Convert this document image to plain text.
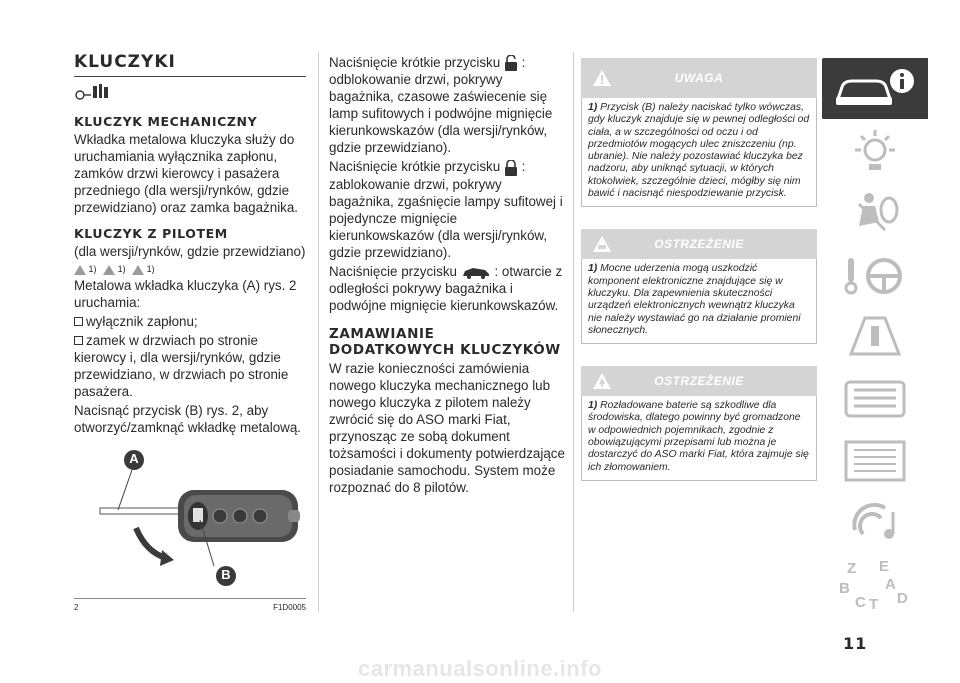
KLUCZYKI
KLUCZYK MECHANICZNY
Wkładka metalowa kluczyka służy do uruchamiania wyłącznika zapłonu, zamków drzwi kierowcy i pasażera przedniego (dla wersji/rynków, gdzie przewidziano) oraz zamka bagażnika.
KLUCZYK Z PILOTEM
(dla wersji/rynków, gdzie przewidziano)
1) 1) 1)
Metalowa wkładka kluczyka (A) rys. 2 uruchamia:
wyłącznik zapłonu;
zamek w drzwiach po stronie kierowcy i, dla wersji/rynków, gdzie przewidziano, w drzwiach po stronie pasażera.
Nacisnąć przycisk (B) rys. 2, aby otworzyć/zamknąć wkładkę metalową.
A
B
2	F1D0005
Naciśnięcie krótkie przycisku : odblokowanie drzwi, pokrywy bagażnika, czasowe zaświecenie się lamp sufitowych i podwójne mignięcie kierunkowskazów (dla wersji/rynków, gdzie przewidziano).
Naciśnięcie krótkie przycisku : zablokowanie drzwi, pokrywy bagażnika, zgaśnięcie lampy sufitowej i pojedyncze mignięcie kierunkowskazów (dla wersji/rynków, gdzie przewidziano).
Naciśnięcie przycisku	: otwarcie z odległości pokrywy bagażnika i podwójne mignięcie kierunkowskazów.
ZAMAWIANIE DODATKOWYCH KLUCZYKÓW
W razie konieczności zamówienia nowego kluczyka mechanicznego lub nowego kluczyka z pilotem należy zwrócić się do ASO marki Fiat, przynosząc ze sobą dokument tożsamości i dokumenty potwierdzające posiadanie samochodu. System może rozpoznać do 8 pilotów.
UWAGA
1) Przycisk (B) należy naciskać tylko wówczas, gdy kluczyk znajduje się w pewnej odległości od ciała, a w szczególności od oczu i od przedmiotów mogących ulec zniszczeniu (np. ubranie). Nie należy pozostawiać kluczyka bez nadzoru, aby uniknąć sytuacji, w których ktokolwiek, szczególnie dzieci, mógłby się nim bawić i nacisnąć niespodziewanie przycisk.
OSTRZEŻENIE
1) Mocne uderzenia mogą uszkodzić komponent elektroniczne znajdujące się w kluczyku. Dla zapewnienia skuteczności urządzeń elektronicznych wewnątrz kluczyka nie należy wystawiać go na działanie promieni słonecznych.
OSTRZEŻENIE
1) Rozładowane baterie są szkodliwe dla środowiska, dlatego powinny być gromadzone w odpowiednich pojemnikach, zgodnie z obowiązującymi przepisami lub można je dostarczyć do ASO marki Fiat, która zajmuje się ich złomowaniem.
Z E
B A
C T D
11
carmanualsonline.info
